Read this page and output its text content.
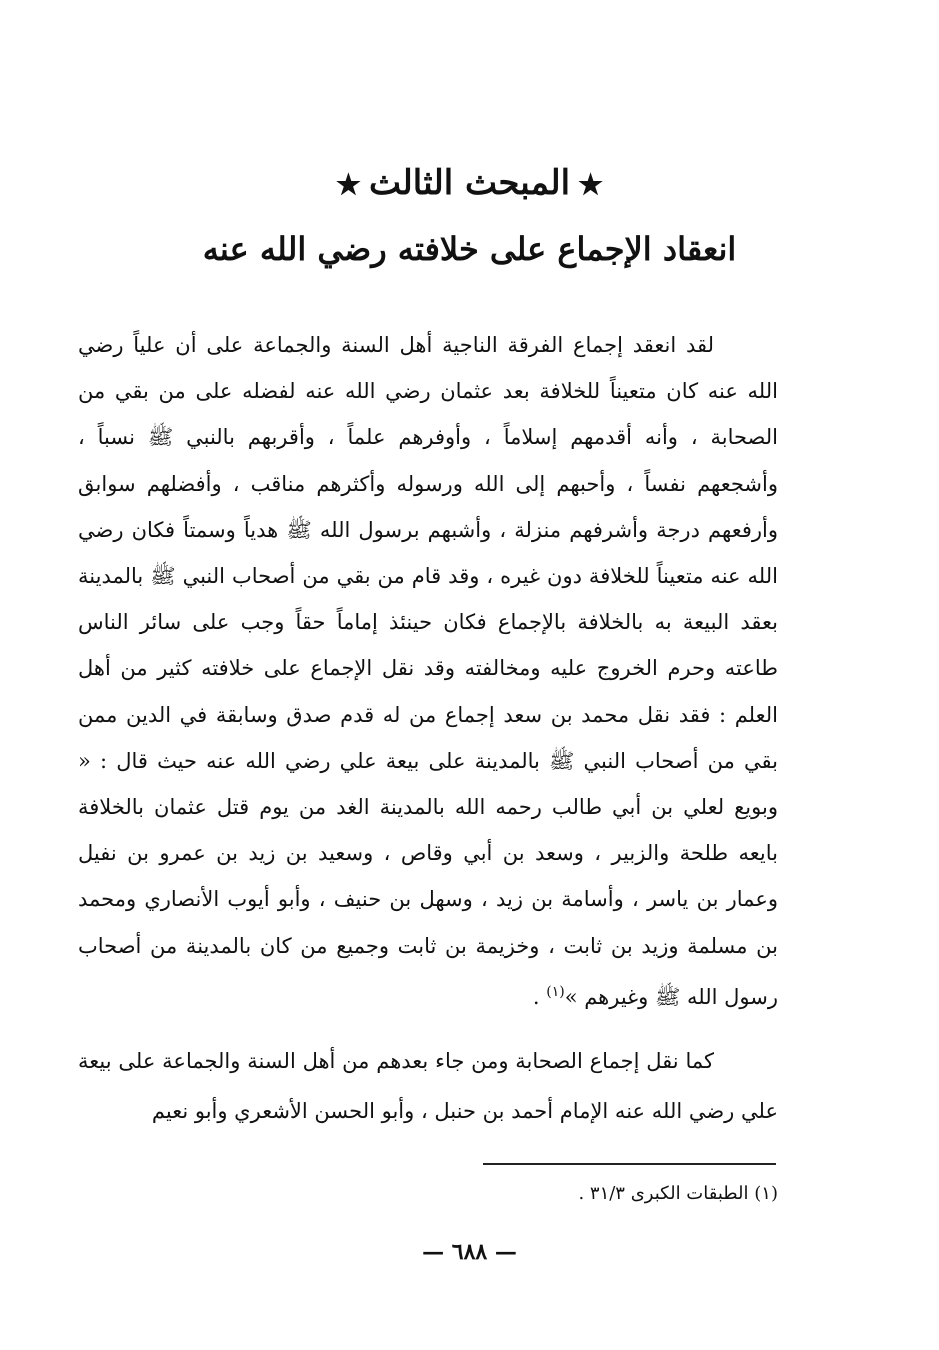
★المبحث الثالث★
انعقاد الإجماع على خلافته رضي الله عنه

لقد انعقد إجماع الفرقة الناجية أهل السنة والجماعة على أن علياً رضي الله عنه كان متعيناً للخلافة بعد عثمان رضي الله عنه لفضله على من بقي من الصحابة ، وأنه أقدمهم إسلاماً ، وأوفرهم علماً ، وأقربهم بالنبي ﷺ نسباً ، وأشجعهم نفساً ، وأحبهم إلى الله ورسوله وأكثرهم مناقب ، وأفضلهم سوابق وأرفعهم درجة وأشرفهم منزلة ، وأشبهم برسول الله ﷺ هدياً وسمتاً فكان رضي الله عنه متعيناً للخلافة دون غيره ، وقد قام من بقي من أصحاب النبي ﷺ بالمدينة بعقد البيعة به بالخلافة بالإجماع فكان حينئذ إماماً حقاً وجب على سائر الناس طاعته وحرم الخروج عليه ومخالفته وقد نقل الإجماع على خلافته كثير من أهل العلم : فقد نقل محمد بن سعد إجماع من له قدم صدق وسابقة في الدين ممن بقي من أصحاب النبي ﷺ بالمدينة على بيعة علي رضي الله عنه حيث قال : « وبويع لعلي بن أبي طالب رحمه الله بالمدينة الغد من يوم قتل عثمان بالخلافة بايعه طلحة والزبير ، وسعد بن أبي وقاص ، وسعيد بن زيد بن عمرو بن نفيل وعمار بن ياسر ، وأسامة بن زيد ، وسهل بن حنيف ، وأبو أيوب الأنصاري ومحمد بن مسلمة وزيد بن ثابت ، وخزيمة بن ثابت وجميع من كان بالمدينة من أصحاب رسول الله ﷺ وغيرهم »$^{(١)}$ .

كما نقل إجماع الصحابة ومن جاء بعدهم من أهل السنة والجماعة على بيعة علي رضي الله عنه الإمام أحمد بن حنبل ، وأبو الحسن الأشعري وأبو نعيم

(١) الطبقات الكبرى ٣١/٣ .
— ٦٨٨ —
